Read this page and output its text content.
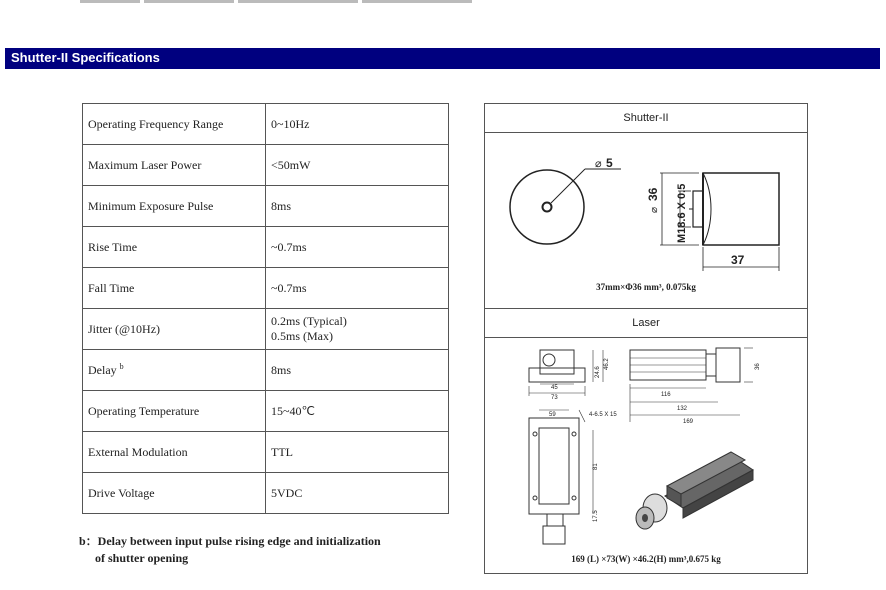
Shutter-II Specifications
Operating Frequency Range	0~10Hz

Maximum Laser Power	<50mW

Minimum Exposure Pulse	8ms

Rise Time	~0.7ms

Fall Time	~0.7ms

Jitter (@10Hz)	0.2ms (Typical)
0.5ms (Max)

Delay $^b$	8ms

Operating Temperature	15~40℃

External Modulation	TTL

Drive Voltage	5VDC
b：Delay between input pulse rising edge and initialization
of shutter opening
Shutter-II
⌀ 5
⌀
36 M18.6 X 0.5
37
37mm×Φ36 mm³, 0.075kg
Laser
45
73
24.6
46.2
116
132
169
36
59	4-6.5 X 15
81
17.5
169 (L) ×73(W) ×46.2(H) mm³,0.675 kg
